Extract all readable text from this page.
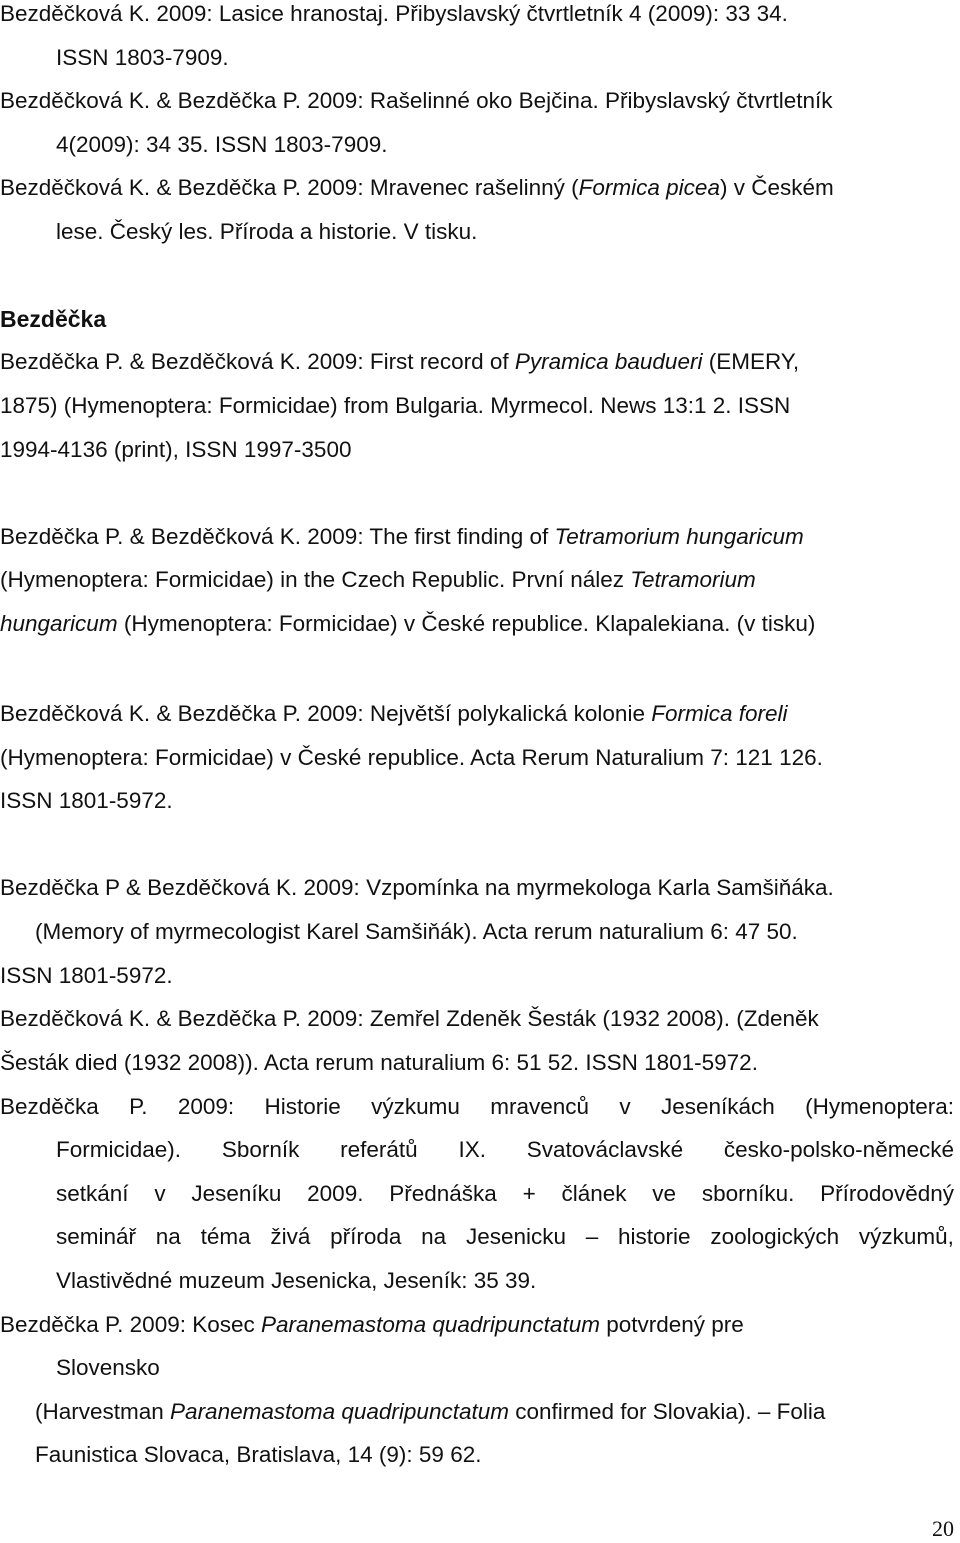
Bezděčková K. 2009: Lasice hranostaj. Přibyslavský čtvrtletník 4 (2009): 33 34.
ISSN 1803-7909.
Bezděčková K. & Bezděčka P. 2009: Rašelinné oko Bejčina. Přibyslavský čtvrtletník
4(2009): 34 35. ISSN 1803-7909.
Bezděčková K. & Bezděčka P. 2009: Mravenec rašelinný (Formica picea) v Českém
lese. Český les. Příroda a historie. V tisku.
Bezděčka
Bezděčka P. & Bezděčková K. 2009: First record of Pyramica baudueri (EMERY,
1875) (Hymenoptera: Formicidae) from Bulgaria. Myrmecol. News 13:1 2. ISSN
1994-4136 (print), ISSN 1997-3500
Bezděčka P. & Bezděčková K. 2009: The first finding of Tetramorium hungaricum
(Hymenoptera: Formicidae) in the Czech Republic. První nález Tetramorium
hungaricum (Hymenoptera: Formicidae) v České republice. Klapalekiana. (v tisku)
Bezděčková K. & Bezděčka P. 2009: Největší polykalická kolonie Formica foreli
(Hymenoptera: Formicidae) v České republice. Acta Rerum Naturalium 7: 121 126.
ISSN 1801-5972.
Bezděčka P & Bezděčková K. 2009: Vzpomínka na myrmekologa Karla Samšiňáka.
(Memory of myrmecologist Karel Samšiňák). Acta rerum naturalium 6: 47 50.
ISSN 1801-5972.
Bezděčková K. & Bezděčka P. 2009: Zemřel Zdeněk Šesták (1932 2008). (Zdeněk
Šesták died (1932 2008)). Acta rerum naturalium 6: 51 52. ISSN 1801-5972.
Bezděčka P. 2009: Historie výzkumu mravenců v Jeseníkách (Hymenoptera:
Formicidae). Sborník referátů IX. Svatováclavské česko-polsko-německé
setkání v Jeseníku 2009. Přednáška + článek ve sborníku. Přírodovědný
seminář na téma živá příroda na Jesenicku – historie zoologických výzkumů,
Vlastivědné muzeum Jesenicka, Jeseník: 35 39.
Bezděčka P. 2009: Kosec Paranemastoma quadripunctatum potvrdený pre
Slovensko
(Harvestman Paranemastoma quadripunctatum confirmed for Slovakia). – Folia
Faunistica Slovaca, Bratislava, 14 (9): 59 62.
20
